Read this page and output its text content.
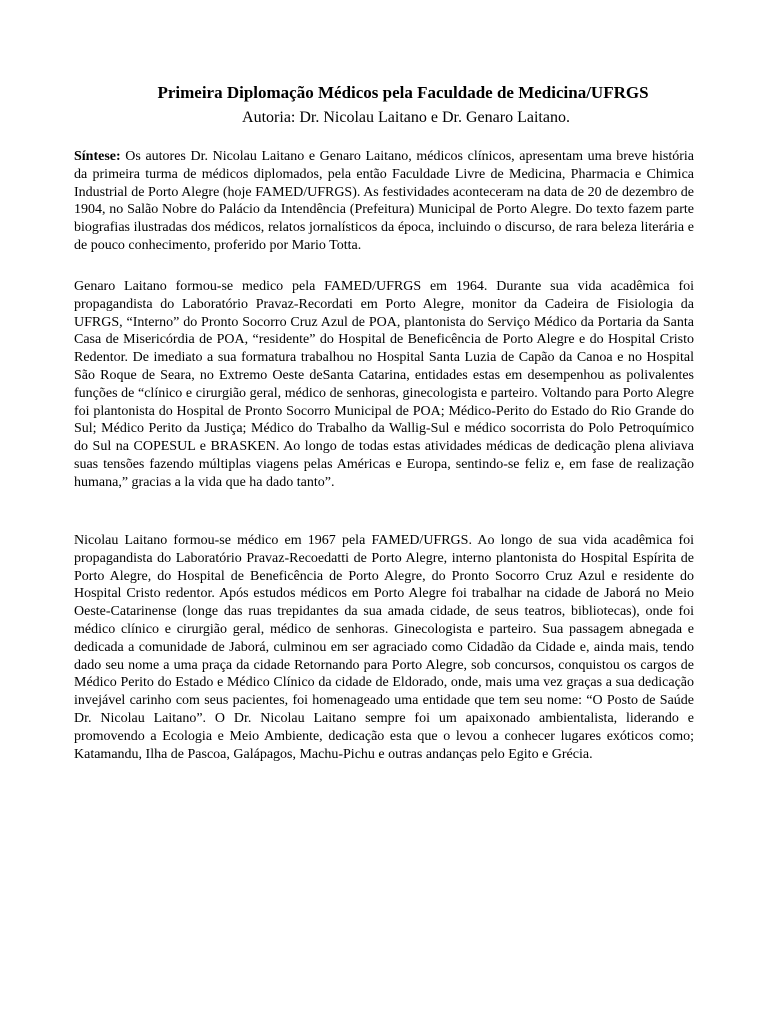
Primeira Diplomação Médicos pela Faculdade de Medicina/UFRGS
Autoria: Dr. Nicolau Laitano e Dr. Genaro Laitano.

Síntese: Os autores Dr. Nicolau Laitano e Genaro Laitano, médicos clínicos, apresentam uma breve história da primeira turma de médicos diplomados, pela então Faculdade Livre de Medicina, Pharmacia e Chimica Industrial de Porto Alegre (hoje FAMED/UFRGS). As festividades aconteceram na data de 20 de dezembro de 1904, no Salão Nobre do Palácio da Intendência (Prefeitura) Municipal de Porto Alegre. Do texto fazem parte biografias ilustradas dos médicos, relatos jornalísticos da época, incluindo o discurso, de rara beleza literária e de pouco conhecimento, proferido por Mario Totta.

Genaro Laitano formou-se medico pela FAMED/UFRGS em 1964. Durante sua vida acadêmica foi propagandista do Laboratório Pravaz-Recordati em Porto Alegre, monitor da Cadeira de Fisiologia da UFRGS, “Interno” do Pronto Socorro Cruz Azul de POA, plantonista do Serviço Médico da Portaria da Santa Casa de Misericórdia de POA, “residente” do Hospital de Beneficência de Porto Alegre e do Hospital Cristo Redentor. De imediato a sua formatura trabalhou no Hospital Santa Luzia de Capão da Canoa e no Hospital São Roque de Seara, no Extremo Oeste deSanta Catarina, entidades estas em desempenhou as polivalentes funções de “clínico e cirurgião geral, médico de senhoras, ginecologista e parteiro. Voltando para Porto Alegre foi plantonista do Hospital de Pronto Socorro Municipal de POA; Médico-Perito do Estado do Rio Grande do Sul; Médico Perito da Justiça; Médico do Trabalho da Wallig-Sul e médico socorrista do Polo Petroquímico do Sul na COPESUL e BRASKEN. Ao longo de todas estas atividades médicas de dedicação plena aliviava suas tensões fazendo múltiplas viagens pelas Américas e Europa, sentindo-se feliz e, em fase de realização humana,” gracias a la vida que ha dado tanto”.

Nicolau Laitano formou-se médico em 1967 pela FAMED/UFRGS. Ao longo de sua vida acadêmica foi propagandista do Laboratório Pravaz-Recoedatti de Porto Alegre, interno plantonista do Hospital Espírita de Porto Alegre, do Hospital de Beneficência de Porto Alegre, do Pronto Socorro Cruz Azul e residente do Hospital Cristo redentor. Após estudos médicos em Porto Alegre foi trabalhar na cidade de Jaborá no Meio Oeste-Catarinense (longe das ruas trepidantes da sua amada cidade, de seus teatros, bibliotecas), onde foi médico clínico e cirurgião geral, médico de senhoras. Ginecologista e parteiro. Sua passagem abnegada e dedicada a comunidade de Jaborá, culminou em ser agraciado como Cidadão da Cidade e, ainda mais, tendo dado seu nome a uma praça da cidade Retornando para Porto Alegre, sob concursos, conquistou os cargos de Médico Perito do Estado e Médico Clínico da cidade de Eldorado, onde, mais uma vez graças a sua dedicação invejável carinho com seus pacientes, foi homenageado uma entidade que tem seu nome: “O Posto de Saúde Dr. Nicolau Laitano”. O Dr. Nicolau Laitano sempre foi um apaixonado ambientalista, liderando e promovendo a Ecologia e Meio Ambiente, dedicação esta que o levou a conhecer lugares exóticos como; Katamandu, Ilha de Pascoa, Galápagos, Machu-Pichu e outras andanças pelo Egito e Grécia.
